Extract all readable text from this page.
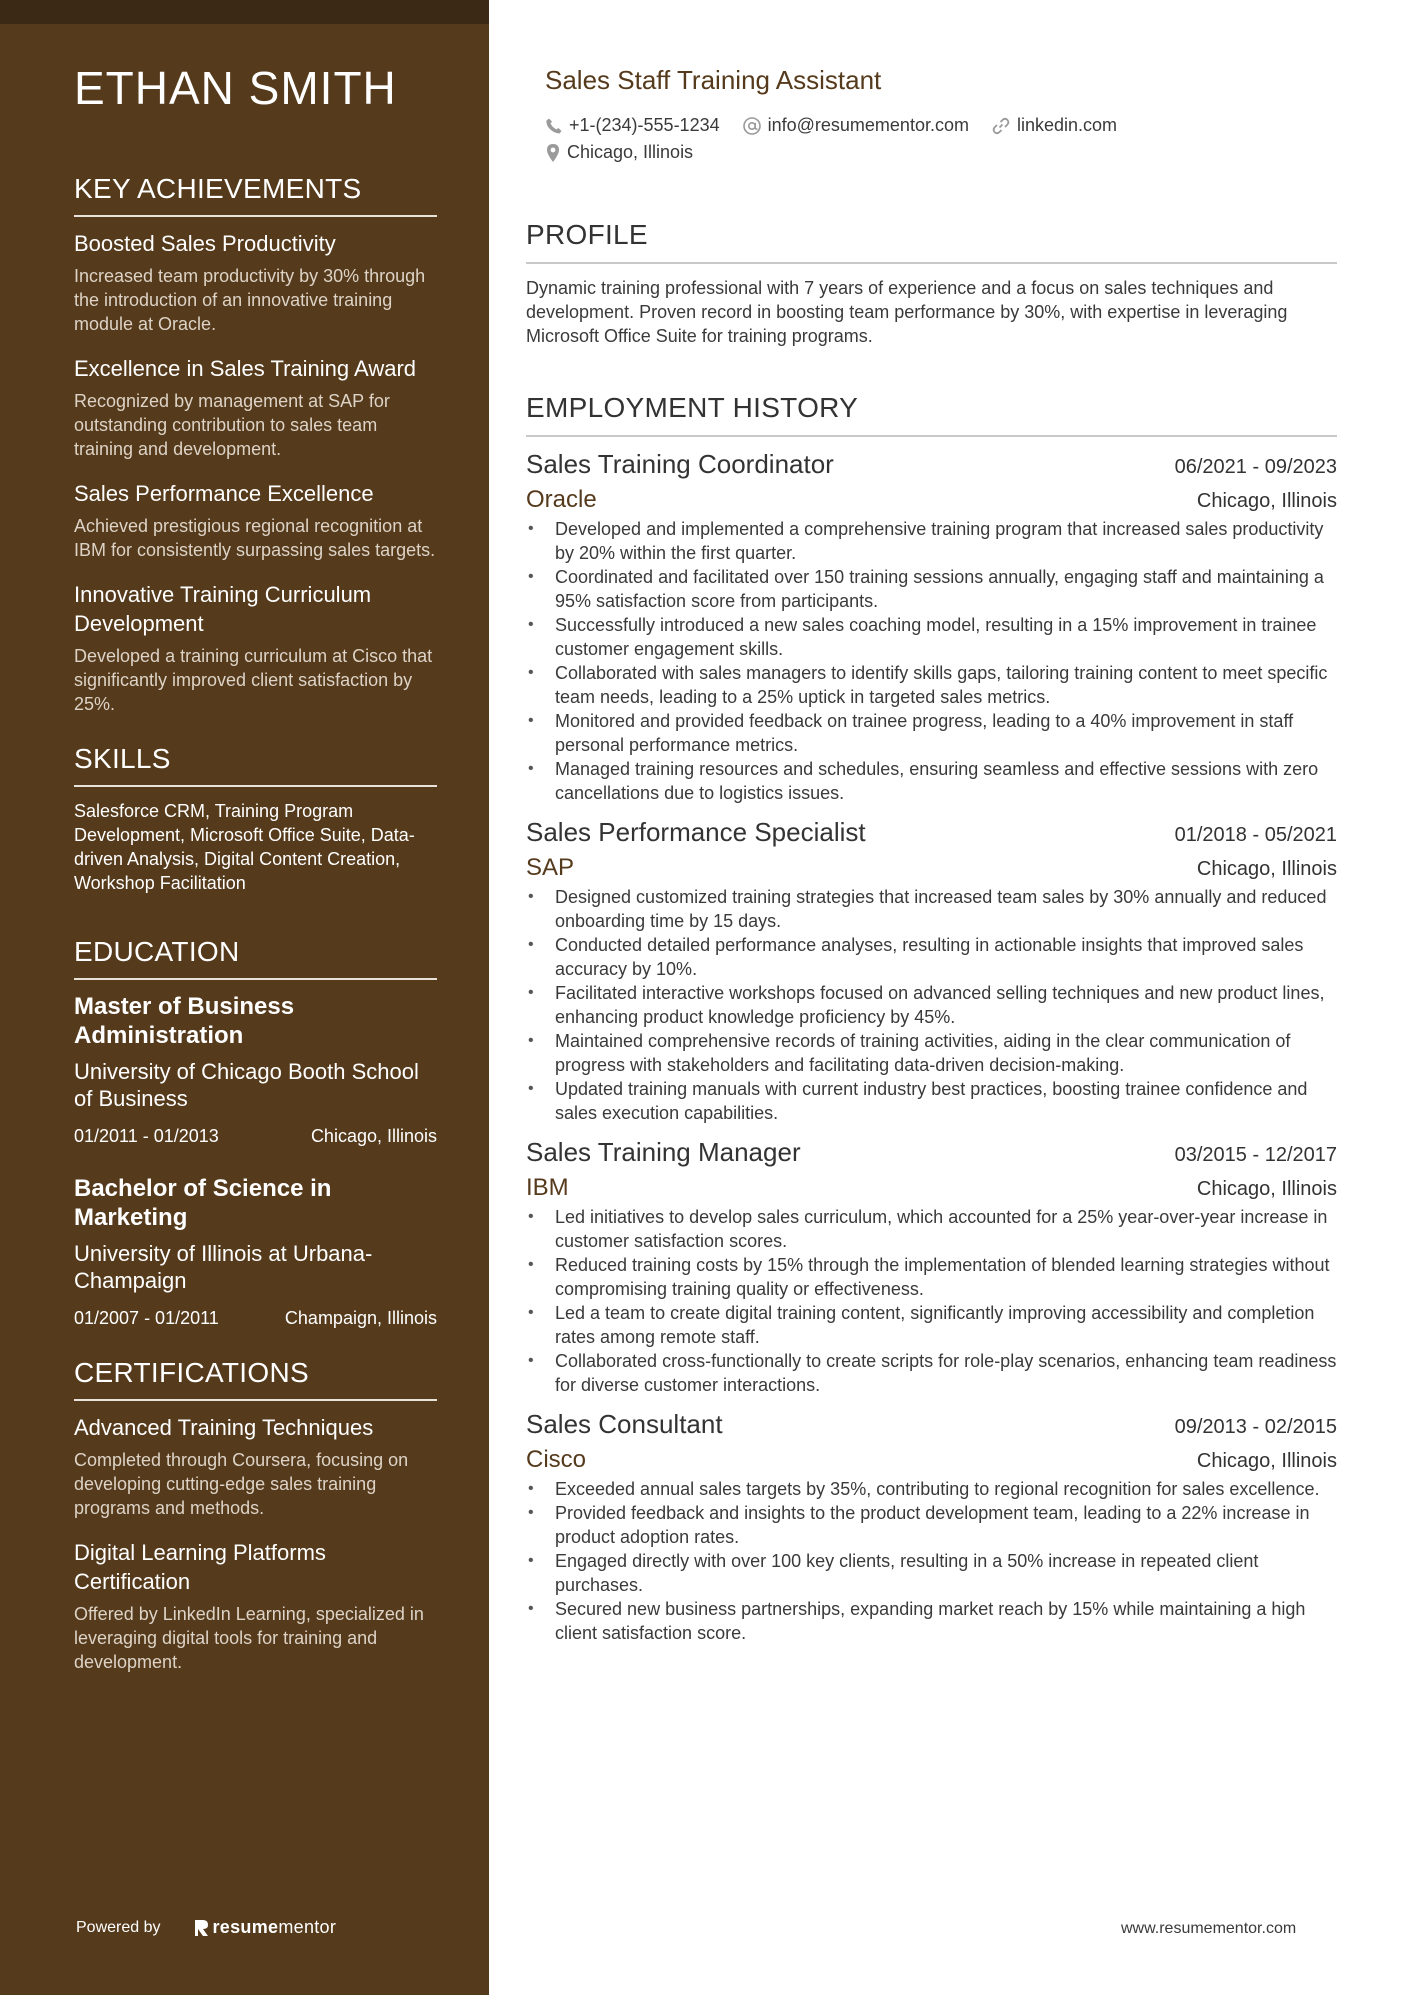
ETHAN SMITH
KEY ACHIEVEMENTS
Boosted Sales Productivity
Increased team productivity by 30% through the introduction of an innovative training module at Oracle.
Excellence in Sales Training Award
Recognized by management at SAP for outstanding contribution to sales team training and development.
Sales Performance Excellence
Achieved prestigious regional recognition at IBM for consistently surpassing sales targets.
Innovative Training Curriculum Development
Developed a training curriculum at Cisco that significantly improved client satisfaction by 25%.
SKILLS
Salesforce CRM, Training Program Development, Microsoft Office Suite, Data-driven Analysis, Digital Content Creation, Workshop Facilitation
EDUCATION
Master of Business Administration
University of Chicago Booth School of Business
01/2011 - 01/2013	Chicago, Illinois
Bachelor of Science in Marketing
University of Illinois at Urbana-Champaign
01/2007 - 01/2011	Champaign, Illinois
CERTIFICATIONS
Advanced Training Techniques
Completed through Coursera, focusing on developing cutting-edge sales training programs and methods.
Digital Learning Platforms Certification
Offered by LinkedIn Learning, specialized in leveraging digital tools for training and development.
Powered by	resume mentor
Sales Staff Training Assistant
+1-(234)-555-1234	info@resumementor.com	linkedin.com
Chicago, Illinois
PROFILE
Dynamic training professional with 7 years of experience and a focus on sales techniques and development. Proven record in boosting team performance by 30%, with expertise in leveraging Microsoft Office Suite for training programs.
EMPLOYMENT HISTORY
Sales Training Coordinator	06/2021 - 09/2023
Oracle	Chicago, Illinois
• Developed and implemented a comprehensive training program that increased sales productivity by 20% within the first quarter.
• Coordinated and facilitated over 150 training sessions annually, engaging staff and maintaining a 95% satisfaction score from participants.
• Successfully introduced a new sales coaching model, resulting in a 15% improvement in trainee customer engagement skills.
• Collaborated with sales managers to identify skills gaps, tailoring training content to meet specific team needs, leading to a 25% uptick in targeted sales metrics.
• Monitored and provided feedback on trainee progress, leading to a 40% improvement in staff personal performance metrics.
• Managed training resources and schedules, ensuring seamless and effective sessions with zero cancellations due to logistics issues.
Sales Performance Specialist	01/2018 - 05/2021
SAP	Chicago, Illinois
• Designed customized training strategies that increased team sales by 30% annually and reduced onboarding time by 15 days.
• Conducted detailed performance analyses, resulting in actionable insights that improved sales accuracy by 10%.
• Facilitated interactive workshops focused on advanced selling techniques and new product lines, enhancing product knowledge proficiency by 45%.
• Maintained comprehensive records of training activities, aiding in the clear communication of progress with stakeholders and facilitating data-driven decision-making.
• Updated training manuals with current industry best practices, boosting trainee confidence and sales execution capabilities.
Sales Training Manager	03/2015 - 12/2017
IBM	Chicago, Illinois
• Led initiatives to develop sales curriculum, which accounted for a 25% year-over-year increase in customer satisfaction scores.
• Reduced training costs by 15% through the implementation of blended learning strategies without compromising training quality or effectiveness.
• Led a team to create digital training content, significantly improving accessibility and completion rates among remote staff.
• Collaborated cross-functionally to create scripts for role-play scenarios, enhancing team readiness for diverse customer interactions.
Sales Consultant	09/2013 - 02/2015
Cisco	Chicago, Illinois
• Exceeded annual sales targets by 35%, contributing to regional recognition for sales excellence.
• Provided feedback and insights to the product development team, leading to a 22% increase in product adoption rates.
• Engaged directly with over 100 key clients, resulting in a 50% increase in repeated client purchases.
• Secured new business partnerships, expanding market reach by 15% while maintaining a high client satisfaction score.
www.resumementor.com
